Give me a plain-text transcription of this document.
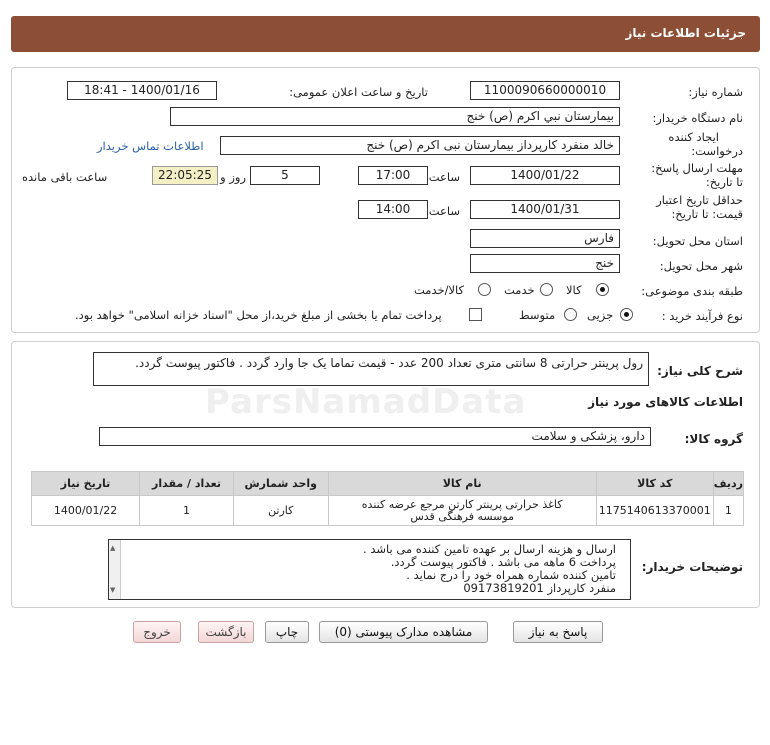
جزئیات اطلاعات نیاز
شماره نیاز:
1100090660000010
تاریخ و ساعت اعلان عمومی:
1400/01/16 - 18:41
نام دستگاه خریدار:
بیمارستان نبي اكرم (ص) خنج
ایجاد کننده
درخواست:
خالد منفرد کارپرداز بیمارستان نبی اکرم (ص) خنج
اطلاعات تماس خریدار
مهلت ارسال پاسخ:
تا تاریخ:
1400/01/22
ساعت
17:00
5
روز و
22:05:25
ساعت باقی مانده
حداقل تاریخ اعتبار
قیمت: تا تاریخ:
1400/01/31
ساعت
14:00
استان محل تحویل:
فارس
شهر محل تحویل:
خنج
طبقه بندی موضوعی:
کالا
خدمت
کالا/خدمت
نوع فرآیند خرید :
جزیی
متوسط
پرداخت تمام یا بخشی از مبلغ خرید،از محل "اسناد خزانه اسلامی" خواهد بود.
شرح کلی نیاز:
رول پرینتر حرارتی 8 سانتی متری تعداد 200 عدد - قیمت تماما یک جا وارد گردد . فاکتور پیوست گردد.
اطلاعات کالاهای مورد نیاز
گروه کالا:
دارو، پزشکی و سلامت
ردیف	کد کالا	نام کالا	واحد شمارش	تعداد / مقدار	تاریخ نیاز
1	1175140613370001	کاغذ حرارتی پرینتر کارتن مرجع عرضه کننده موسسه فرهنگی قدس	کارتن	1	1400/01/22
توضیحات خریدار:
▲
▼
ارسال و هزینه ارسال بر عهده تامین کننده می باشد .
پرداخت 6 ماهه می باشد . فاکتور پیوست گردد.
تامین کننده شماره همراه خود را درج نماید .
منفرد کارپرداز 09173819201
پاسخ به نیاز
مشاهده مدارک پیوستی (0)
چاپ
بازگشت
خروج
